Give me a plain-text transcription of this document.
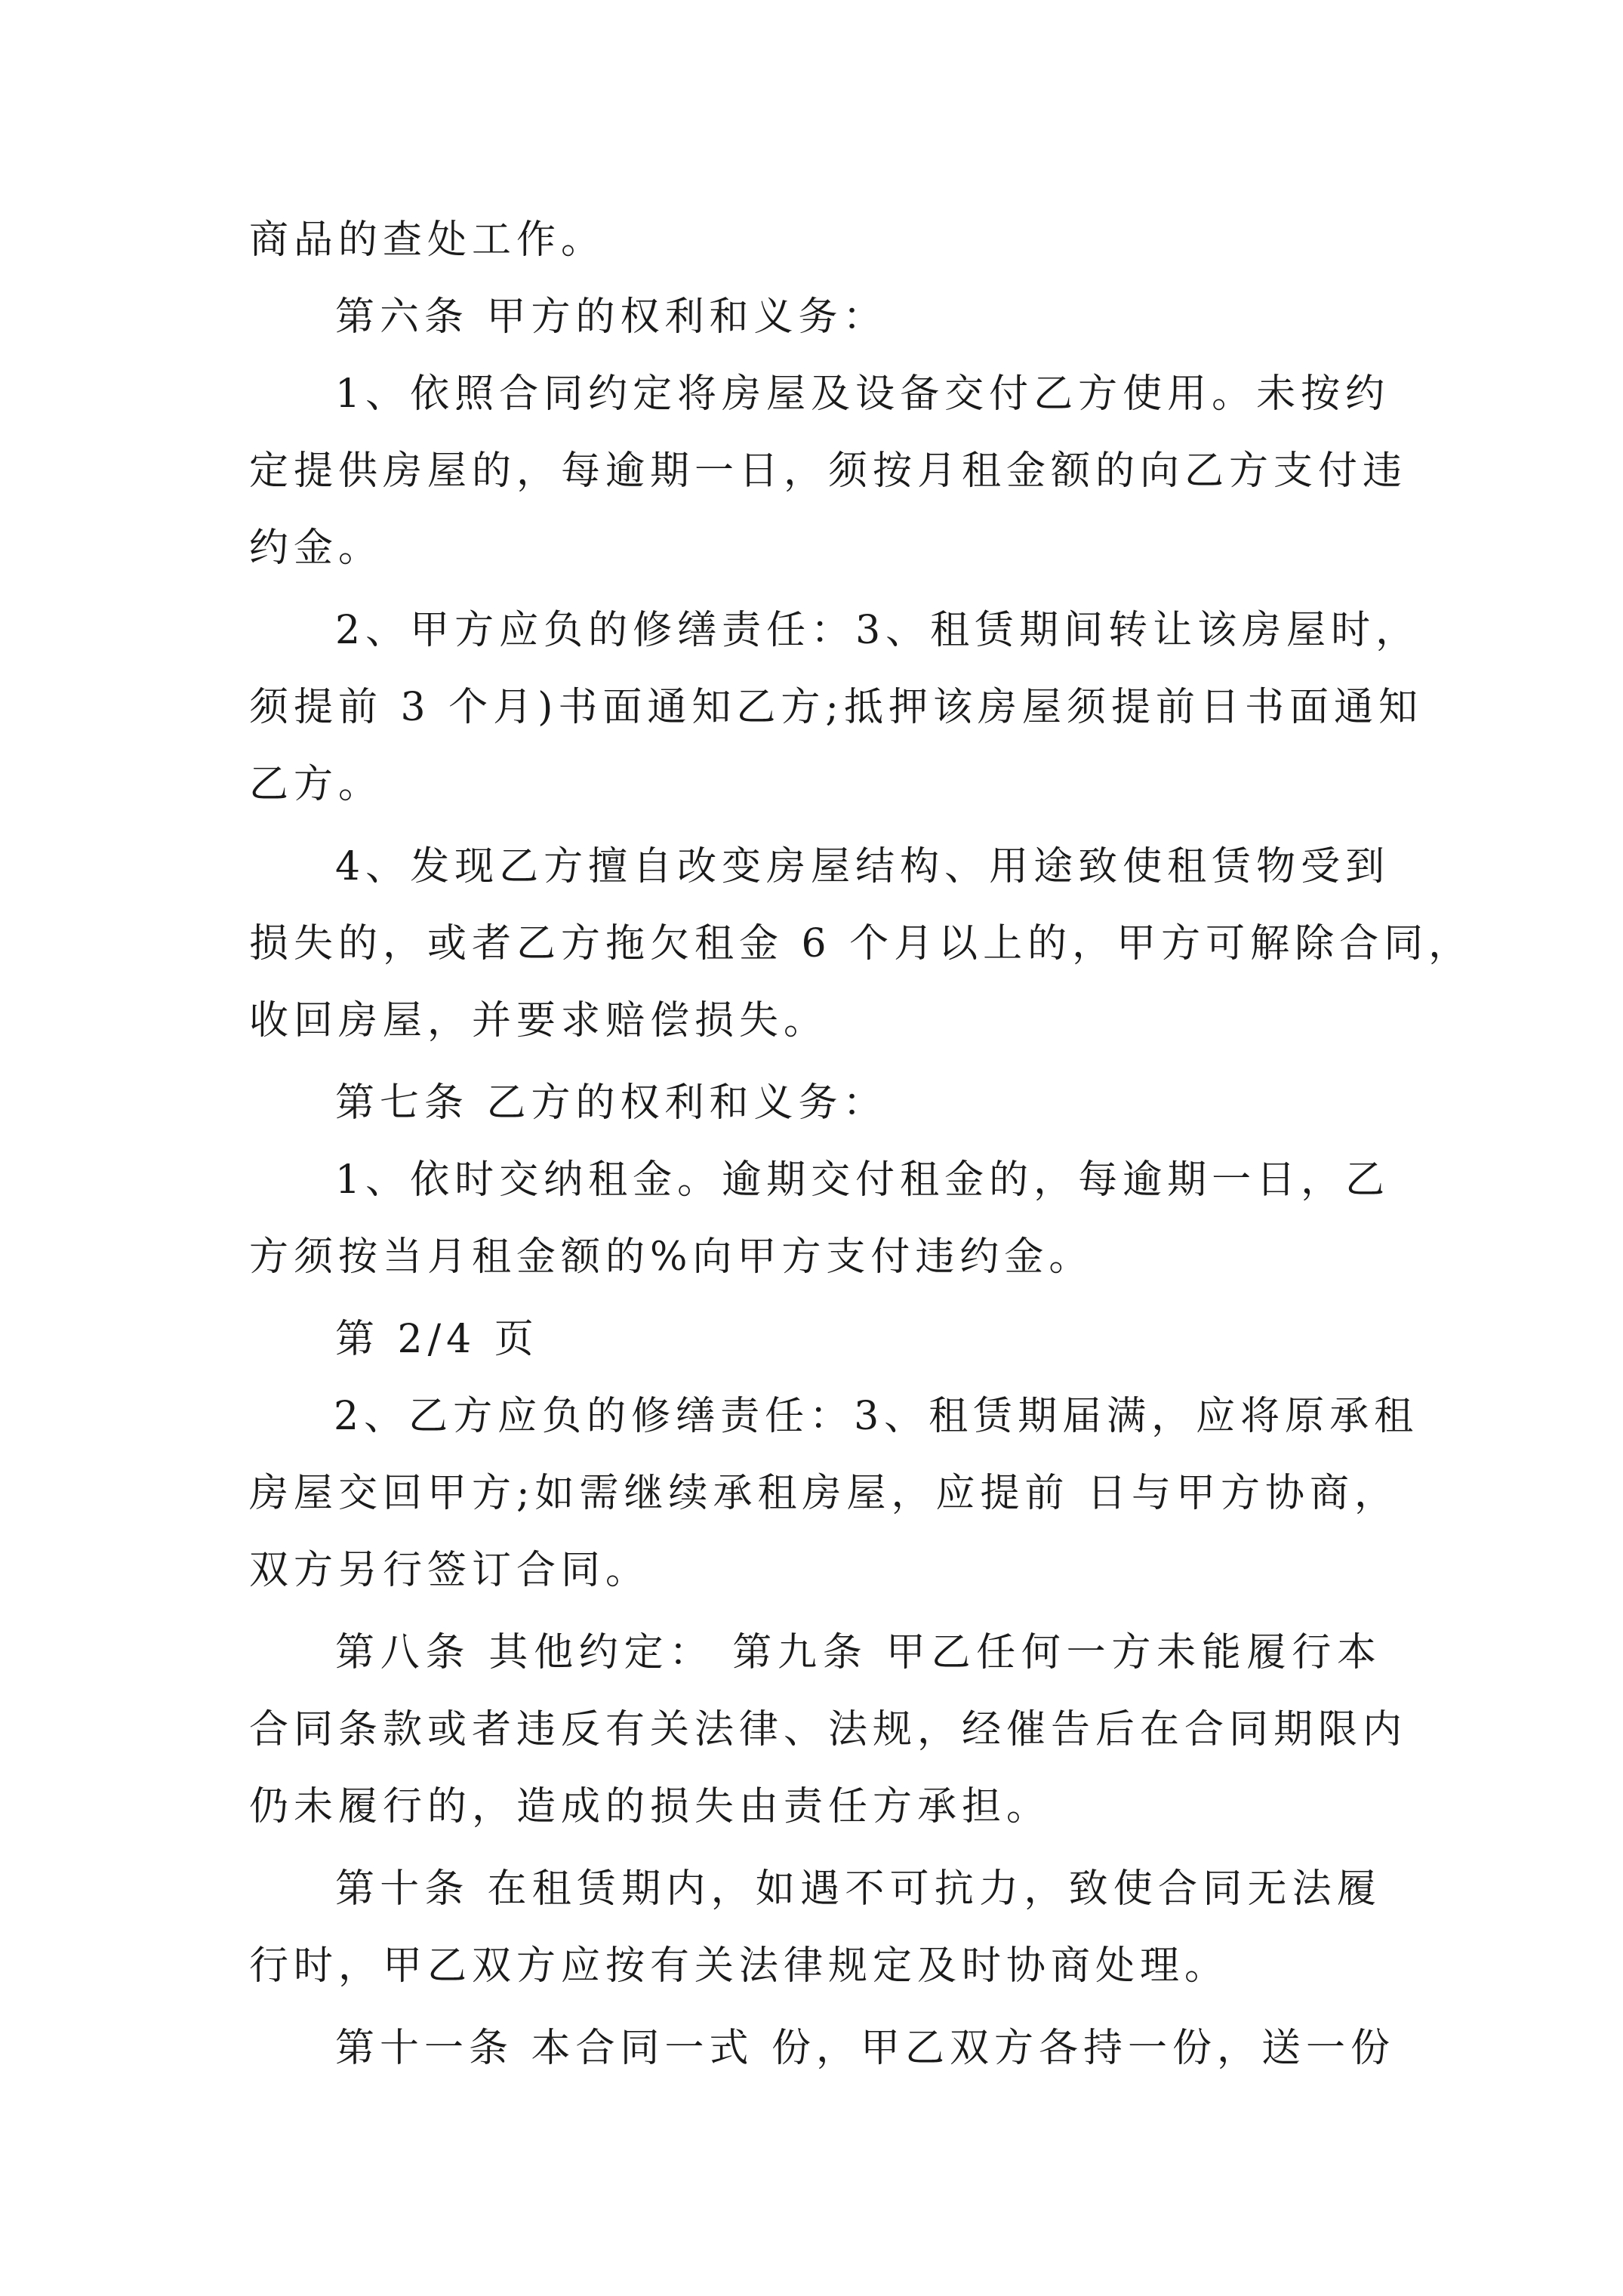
商品的查处工作。
第六条 甲方的权利和义务：
1、依照合同约定将房屋及设备交付乙方使用。未按约
定提供房屋的，每逾期一日，须按月租金额的向乙方支付违
约金。
2、甲方应负的修缮责任：3、租赁期间转让该房屋时，
须提前 3 个月)书面通知乙方;抵押该房屋须提前日书面通知
乙方。
4、发现乙方擅自改变房屋结构、用途致使租赁物受到
损失的，或者乙方拖欠租金 6 个月以上的，甲方可解除合同，
收回房屋，并要求赔偿损失。
第七条 乙方的权利和义务：
1、依时交纳租金。逾期交付租金的，每逾期一日，乙
方须按当月租金额的%向甲方支付违约金。
第 2/4 页
2、乙方应负的修缮责任：3、租赁期届满，应将原承租
房屋交回甲方;如需继续承租房屋，应提前 日与甲方协商，
双方另行签订合同。
第八条 其他约定： 第九条 甲乙任何一方未能履行本
合同条款或者违反有关法律、法规，经催告后在合同期限内
仍未履行的，造成的损失由责任方承担。
第十条 在租赁期内，如遇不可抗力，致使合同无法履
行时，甲乙双方应按有关法律规定及时协商处理。
第十一条 本合同一式 份，甲乙双方各持一份，送一份
